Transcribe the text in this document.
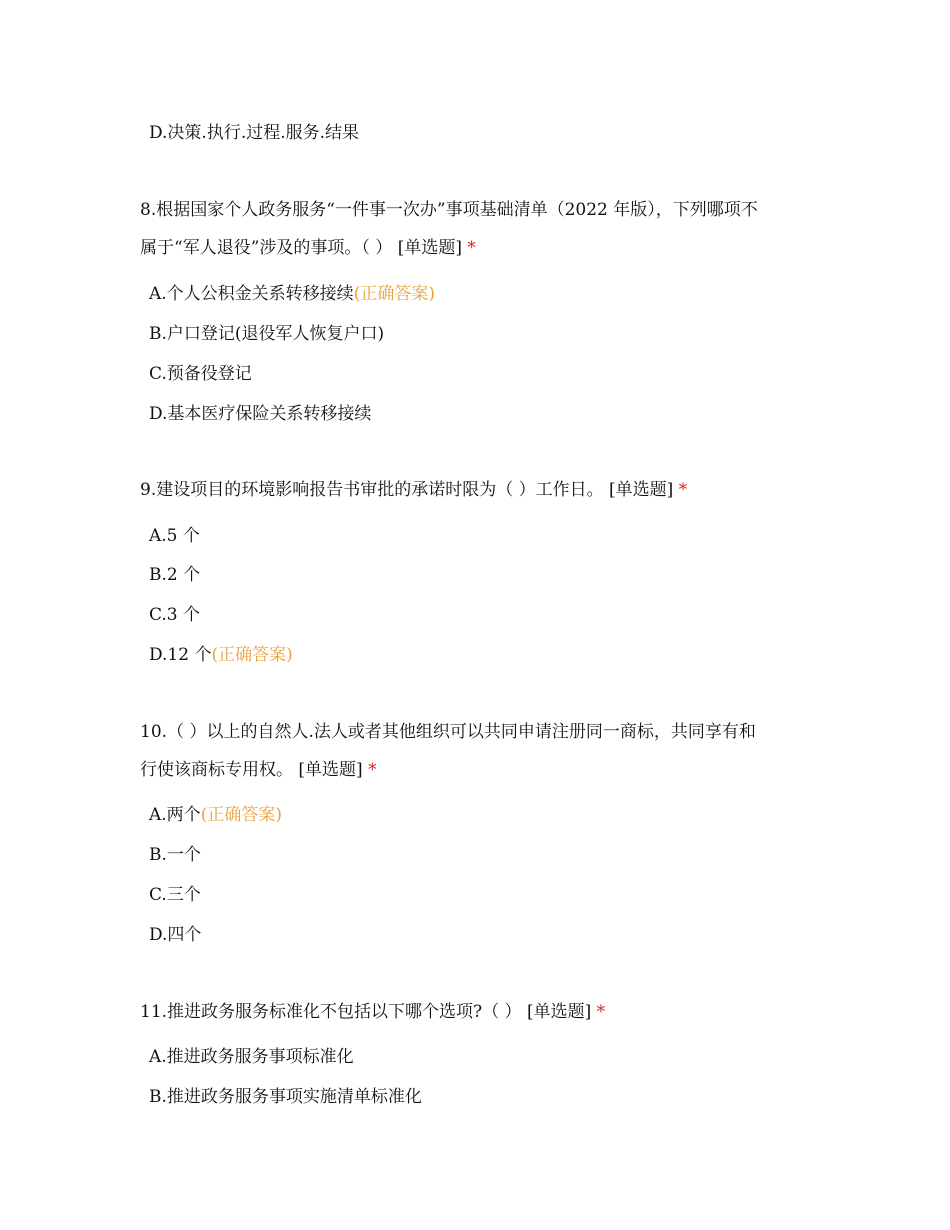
D.决策.执行.过程.服务.结果
8.根据国家个人政务服务“一件事一次办”事项基础清单（2022 年版），下列哪项不
属于“军人退役”涉及的事项。（ ） [单选题] *
A.个人公积金关系转移接续(正确答案)
B.户口登记(退役军人恢复户口)
C.预备役登记
D.基本医疗保险关系转移接续
9.建设项目的环境影响报告书审批的承诺时限为（ ）工作日。 [单选题] *
A.5 个
B.2 个
C.3 个
D.12 个(正确答案)
10.（ ）以上的自然人.法人或者其他组织可以共同申请注册同一商标，共同享有和
行使该商标专用权。 [单选题] *
A.两个(正确答案)
B.一个
C.三个
D.四个
11.推进政务服务标准化不包括以下哪个选项?（ ） [单选题] *
A.推进政务服务事项标准化
B.推进政务服务事项实施清单标准化
